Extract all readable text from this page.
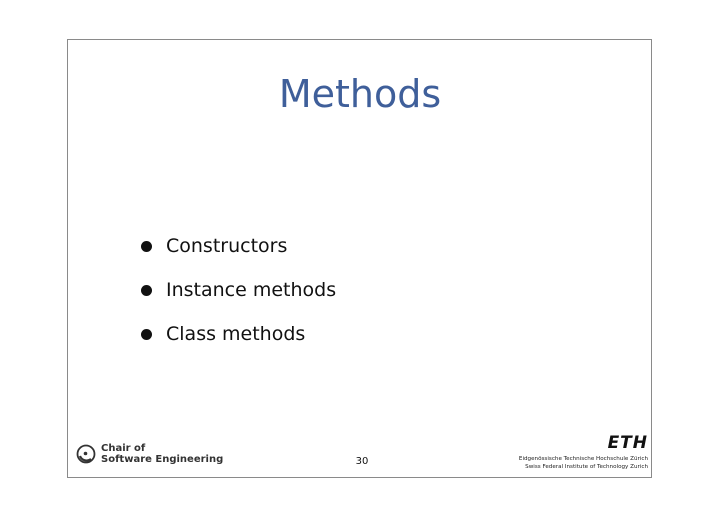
Methods
Constructors
Instance methods
Class methods
Chair of
Software Engineering	30
ETH
Eidgenössische Technische Hochschule Zürich
Swiss Federal Institute of Technology Zurich
